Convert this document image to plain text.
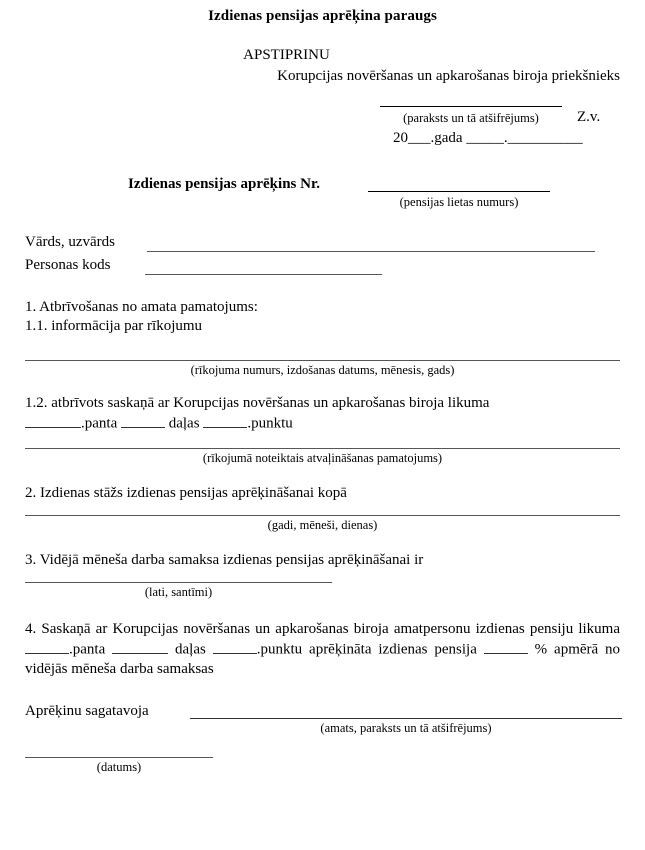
Izdienas pensijas aprēķina paraugs
APSTIPRINU
Korupcijas novēršanas un apkarošanas biroja priekšnieks
(paraksts un tā atšifrējums)	Z.v.
20___.gada _____.__________
Izdienas pensijas aprēķins Nr.
(pensijas lietas numurs)
Vārds, uzvārds
Personas kods
1. Atbrīvošanas no amata pamatojums:
1.1. informācija par rīkojumu
(rīkojuma numurs, izdošanas datums, mēnesis, gads)
1.2. atbrīvots saskaņā ar Korupcijas novēršanas un apkarošanas biroja likuma
.panta	daļas	.punktu
(rīkojumā noteiktais atvaļināšanas pamatojums)
2. Izdienas stāžs izdienas pensijas aprēķināšanai kopā
(gadi, mēneši, dienas)
3. Vidējā mēneša darba samaksa izdienas pensijas aprēķināšanai ir
(lati, santīmi)
4. Saskaņā ar Korupcijas novēršanas un apkarošanas biroja amatpersonu izdienas pensiju likuma .panta	daļas	.punktu aprēķināta izdienas pensija	% apmērā no vidējās mēneša darba samaksas
Aprēķinu sagatavoja
(amats, paraksts un tā atšifrējums)
(datums)
